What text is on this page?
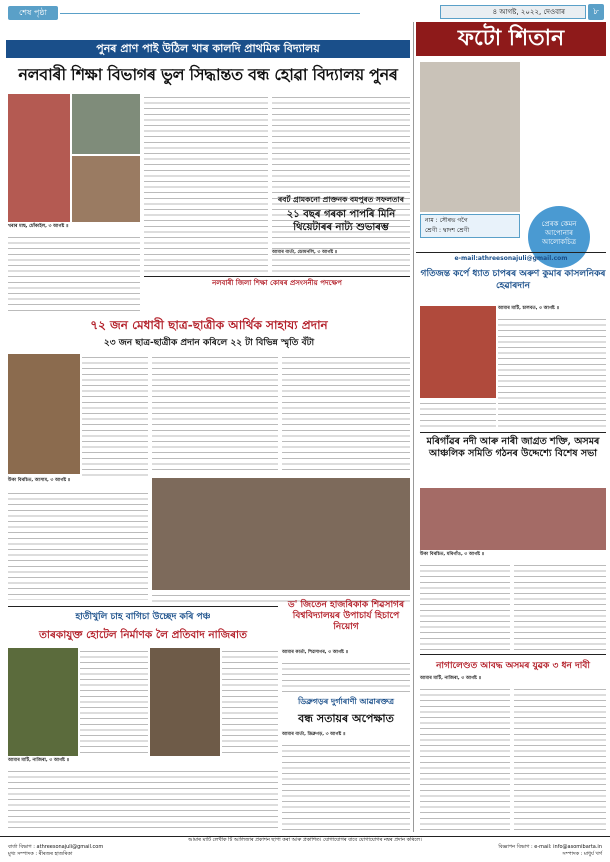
শেষ পৃষ্ঠা	৪ আগষ্ট, ২০২২, দেওবাৰ	৮
ফটো শিতান
পুনৰ প্ৰাণ পাই উঠিল খাৰ কালদি প্ৰাথমিক বিদ্যালয়
নলবাৰী শিক্ষা বিভাগৰ ভুল সিদ্ধান্তত বন্ধ হোৱা বিদ্যালয় পুনৰ
খৰাৰ মাছ, চোঁকাইল, ৩ আগষ্ট ॥
নলবাৰী জিলা শিক্ষা কোষৰ প্ৰসংসনীয় পদক্ষেপ
৭২ জন মেধাবী ছাত্ৰ-ছাত্ৰীক আৰ্থিক সাহায্য প্ৰদান
২৩ জন ছাত্ৰ-ছাত্ৰীক প্ৰদান কৰিলে ২২ টা বিভিন্ন স্মৃতি বঁটা
উকা বিৰচিত, আসাম, ৩ আগষ্ট ॥
হাতীখুলি চাহ বাগিচা উচ্ছেদ কৰি পঞ্চ
তাৰকাযুক্ত হোটেল নিৰ্মাণক লৈ প্ৰতিবাদ নাজিৰাত
আমাৰ মাটি, নাজিৰা, ৩ আগষ্ট ॥
ডিব্ৰুগড়ৰ দুৰ্গাৰাণী আৱাৰক্তত্ৰ
বন্ধ সতায়ৰ অপেক্ষাত
আমাৰ বাৰ্তা, ডিব্ৰুগড়, ৩ আগষ্ট ॥
ড' জিতেন হাজৰিকাক শিৱসাগৰ বিশ্ববিদ্যালয়ৰ উপাচাৰ্য হিচাপে নিয়োগ
আমাৰ কাৰ্তা, শিৱসাগৰ, ৩ আগষ্ট ॥
নাম : সৌৰভ গগৈ
শ্ৰেণী : দ্বাদশ শ্ৰেণী
প্ৰেৰক কেমন আপোনাৰ আলোকচিত্ৰ
e-mail:athreesonajuli@gmail.com
ৰবৰ্ট গ্ৰামকনো প্ৰাক্তনক বমপুৰত সফলতাৰ
২১ বছৰ গৰকা পাপৰি মিনি থিয়েটাৰৰ নাট্য শুভাৰম্ভ
আমাৰ বাৰ্তা, ডোমনলি, ৩ আগষ্ট ॥
গতিজন্ত কৰ্পে ধ্যাত চাপৰৰ অৰুণ কুমাৰ কাসলনিকৰ হেৱাৰদান
আমাৰ মাটি, চালবত, ৩ আগষ্ট ॥
মৰিগাঁৱৰ নদী আৰু নাৰী জাগ্ৰত শক্তি, অসমৰ আঞ্চলিক সমিতি গঠনৰ উদ্দেশ্যে বিশেষ সভা
উকা বিৰচিত, মৰিগাঁও, ৩ আগষ্ট ॥
নাগালেণ্ডত আবদ্ধ অসমৰ যুৱক ৩ ধন দাবী
আমাৰ মাটি, নাজিৰা, ৩ আগষ্ট ॥
আমাৰ মাটি লেখীক টি আলিজাৰ প্ৰকাশন ছাপা কৰা আৰু প্ৰকাশিত। যোগাযোগৰ বাবে যোগাযোগৰ নম্বৰ প্ৰদান কৰিলে।
বাৰ্তা বিভাগ : athreesonajuli@gmail.com	বিজ্ঞাপন বিভাগ : e-mail: info@asomibarta.in
মুখ্য সম্পাদক : ৰীৰজৰ হাজৰিকা	সম্পাদক : মাধুৰ্য খৰ্গ
